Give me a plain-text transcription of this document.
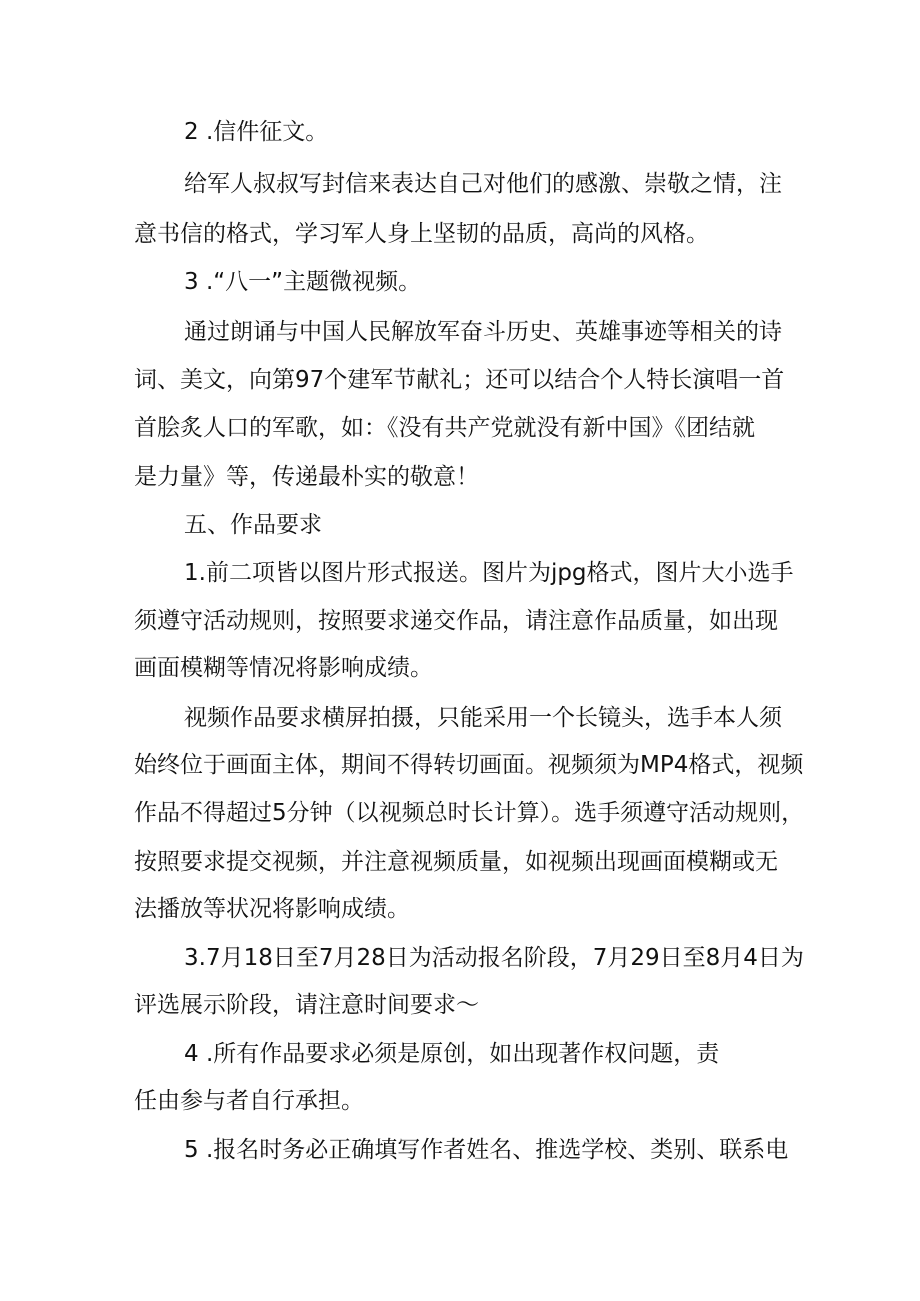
2 .信件征文。
给军人叔叔写封信来表达自己对他们的感激、崇敬之情，注
意书信的格式，学习军人身上坚韧的品质，高尚的风格。
3 .“八一”主题微视频。
通过朗诵与中国人民解放军奋斗历史、英雄事迹等相关的诗
词、美文，向第97个建军节献礼；还可以结合个人特长演唱一首
首脍炙人口的军歌，如：《没有共产党就没有新中国》《团结就
是力量》等，传递最朴实的敬意！
五、作品要求
1.前二项皆以图片形式报送。图片为jpg格式，图片大小选手
须遵守活动规则，按照要求递交作品，请注意作品质量，如出现
画面模糊等情况将影响成绩。
视频作品要求横屏拍摄，只能采用一个长镜头，选手本人须
始终位于画面主体，期间不得转切画面。视频须为MP4格式，视频
作品不得超过5分钟（以视频总时长计算）。选手须遵守活动规则，
按照要求提交视频，并注意视频质量，如视频出现画面模糊或无
法播放等状况将影响成绩。
3.7月18日至7月28日为活动报名阶段，7月29日至8月4日为
评选展示阶段，请注意时间要求〜
4 .所有作品要求必须是原创，如出现著作权问题，责
任由参与者自行承担。
5 .报名时务必正确填写作者姓名、推选学校、类别、联系电
